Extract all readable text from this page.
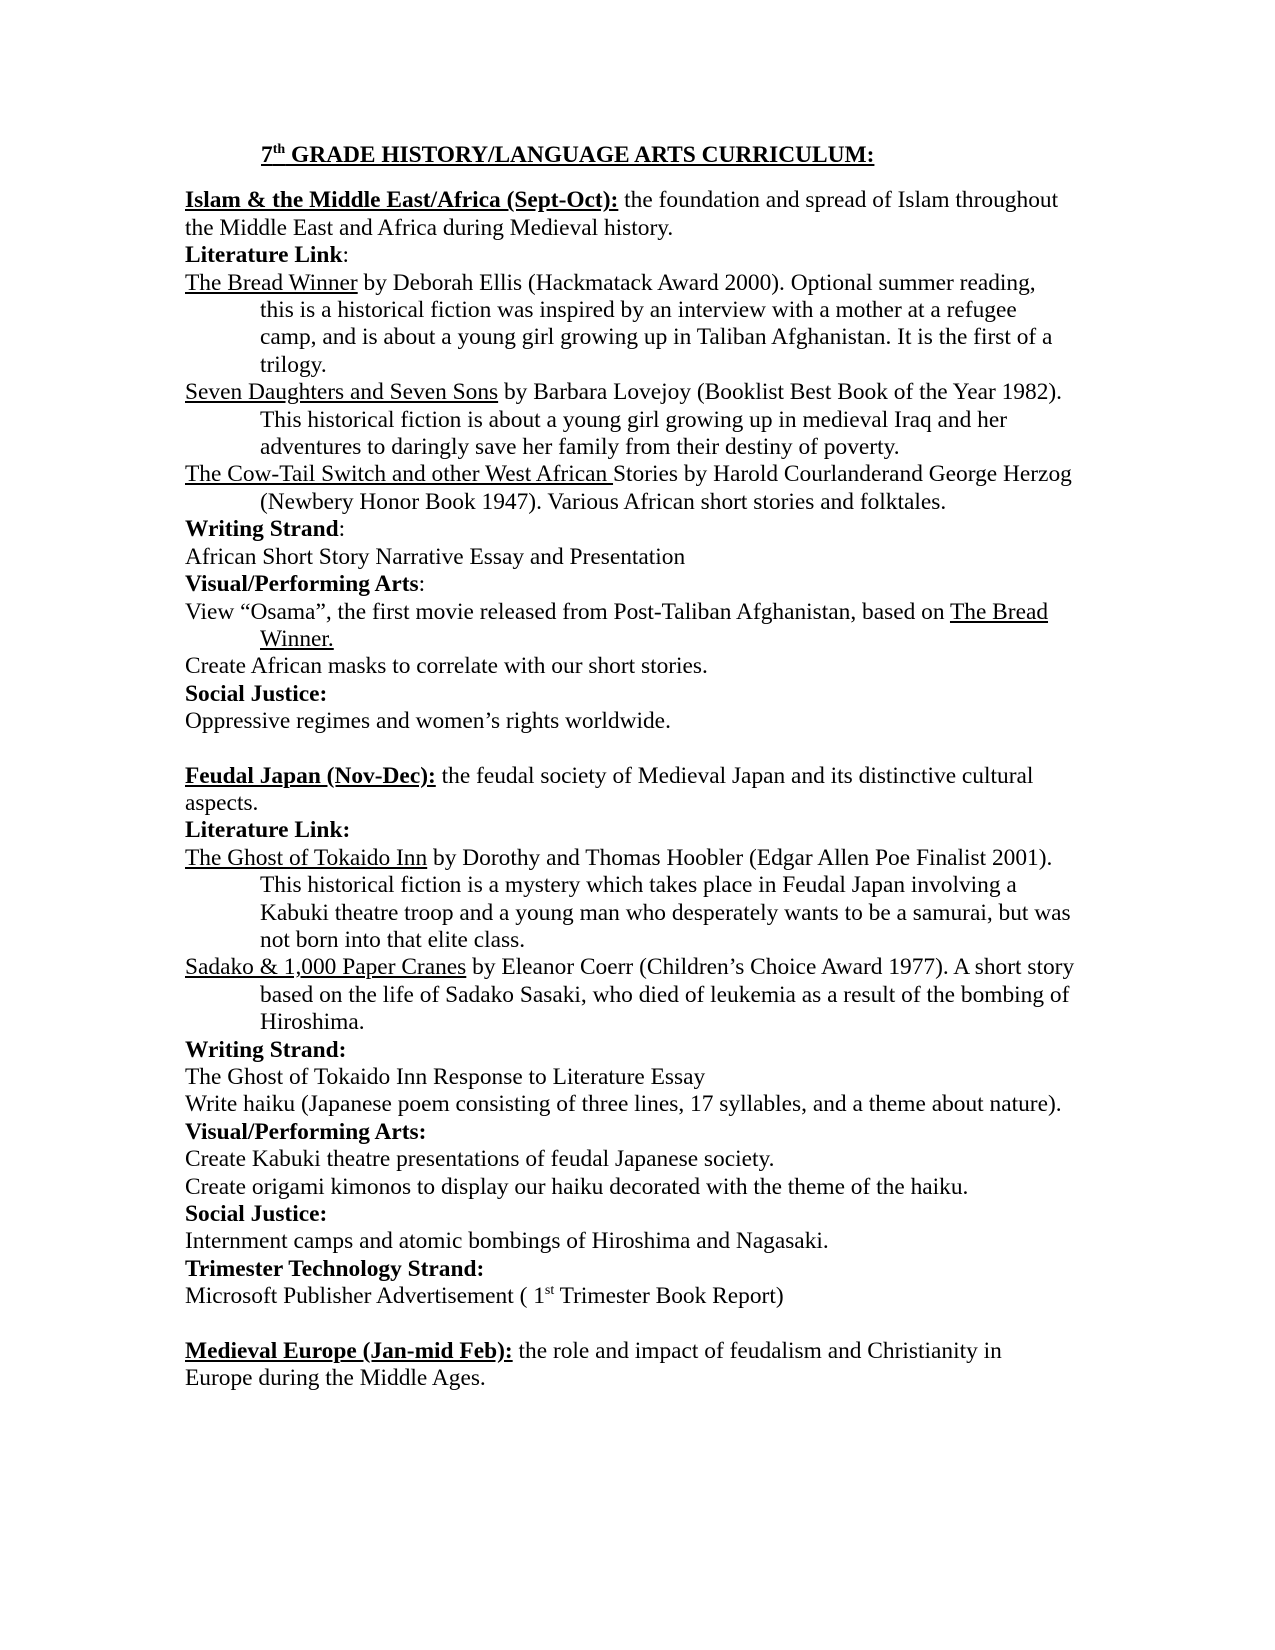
7th GRADE HISTORY/LANGUAGE ARTS CURRICULUM:

Islam & the Middle East/Africa (Sept-Oct): the foundation and spread of Islam throughout the Middle East and Africa during Medieval history.

Literature Link:

The Bread Winner by Deborah Ellis (Hackmatack Award 2000). Optional summer reading, this is a historical fiction was inspired by an interview with a mother at a refugee camp, and is about a young girl growing up in Taliban Afghanistan. It is the first of a trilogy.

Seven Daughters and Seven Sons by Barbara Lovejoy (Booklist Best Book of the Year 1982). This historical fiction is about a young girl growing up in medieval Iraq and her adventures to daringly save her family from their destiny of poverty.

The Cow-Tail Switch and other West African Stories by Harold Courlanderand George Herzog (Newbery Honor Book 1947). Various African short stories and folktales.

Writing Strand:

African Short Story Narrative Essay and Presentation

Visual/Performing Arts:

View “Osama”, the first movie released from Post-Taliban Afghanistan, based on The Bread Winner.

Create African masks to correlate with our short stories.

Social Justice:

Oppressive regimes and women’s rights worldwide.

Feudal Japan (Nov-Dec): the feudal society of Medieval Japan and its distinctive cultural aspects.

Literature Link:

The Ghost of Tokaido Inn by Dorothy and Thomas Hoobler (Edgar Allen Poe Finalist 2001). This historical fiction is a mystery which takes place in Feudal Japan involving a Kabuki theatre troop and a young man who desperately wants to be a samurai, but was not born into that elite class.

Sadako & 1,000 Paper Cranes by Eleanor Coerr (Children’s Choice Award 1977). A short story based on the life of Sadako Sasaki, who died of leukemia as a result of the bombing of Hiroshima.

Writing Strand:

The Ghost of Tokaido Inn Response to Literature Essay

Write haiku (Japanese poem consisting of three lines, 17 syllables, and a theme about nature).

Visual/Performing Arts:

Create Kabuki theatre presentations of feudal Japanese society.

Create origami kimonos to display our haiku decorated with the theme of the haiku.

Social Justice:

Internment camps and atomic bombings of Hiroshima and Nagasaki.

Trimester Technology Strand:

Microsoft Publisher Advertisement ( 1st Trimester Book Report)

Medieval Europe (Jan-mid Feb): the role and impact of feudalism and Christianity in Europe during the Middle Ages.
